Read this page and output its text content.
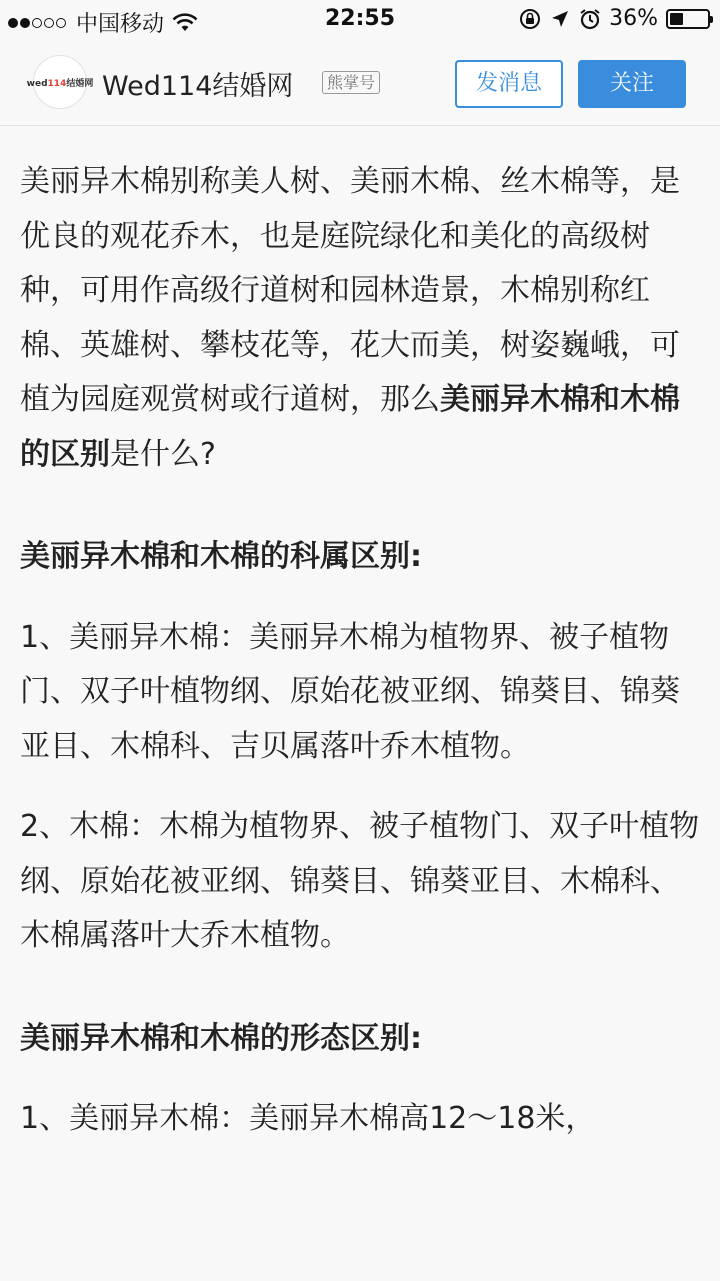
中国移动	22:55	36%
wed114结婚网 Wed114结婚网	熊掌号	发消息	关注

美丽异木棉别称美人树、美丽木棉、丝木棉等，是优良的观花乔木，也是庭院绿化和美化的高级树种，可用作高级行道树和园林造景，木棉别称红棉、英雄树、攀枝花等，花大而美，树姿巍峨，可植为园庭观赏树或行道树，那么美丽异木棉和木棉的区别是什么?

美丽异木棉和木棉的科属区别:

1、美丽异木棉：美丽异木棉为植物界、被子植物门、双子叶植物纲、原始花被亚纲、锦葵目、锦葵亚目、木棉科、吉贝属落叶乔木植物。

2、木棉：木棉为植物界、被子植物门、双子叶植物纲、原始花被亚纲、锦葵目、锦葵亚目、木棉科、木棉属落叶大乔木植物。

美丽异木棉和木棉的形态区别:

1、美丽异木棉：美丽异木棉高12～18米，
